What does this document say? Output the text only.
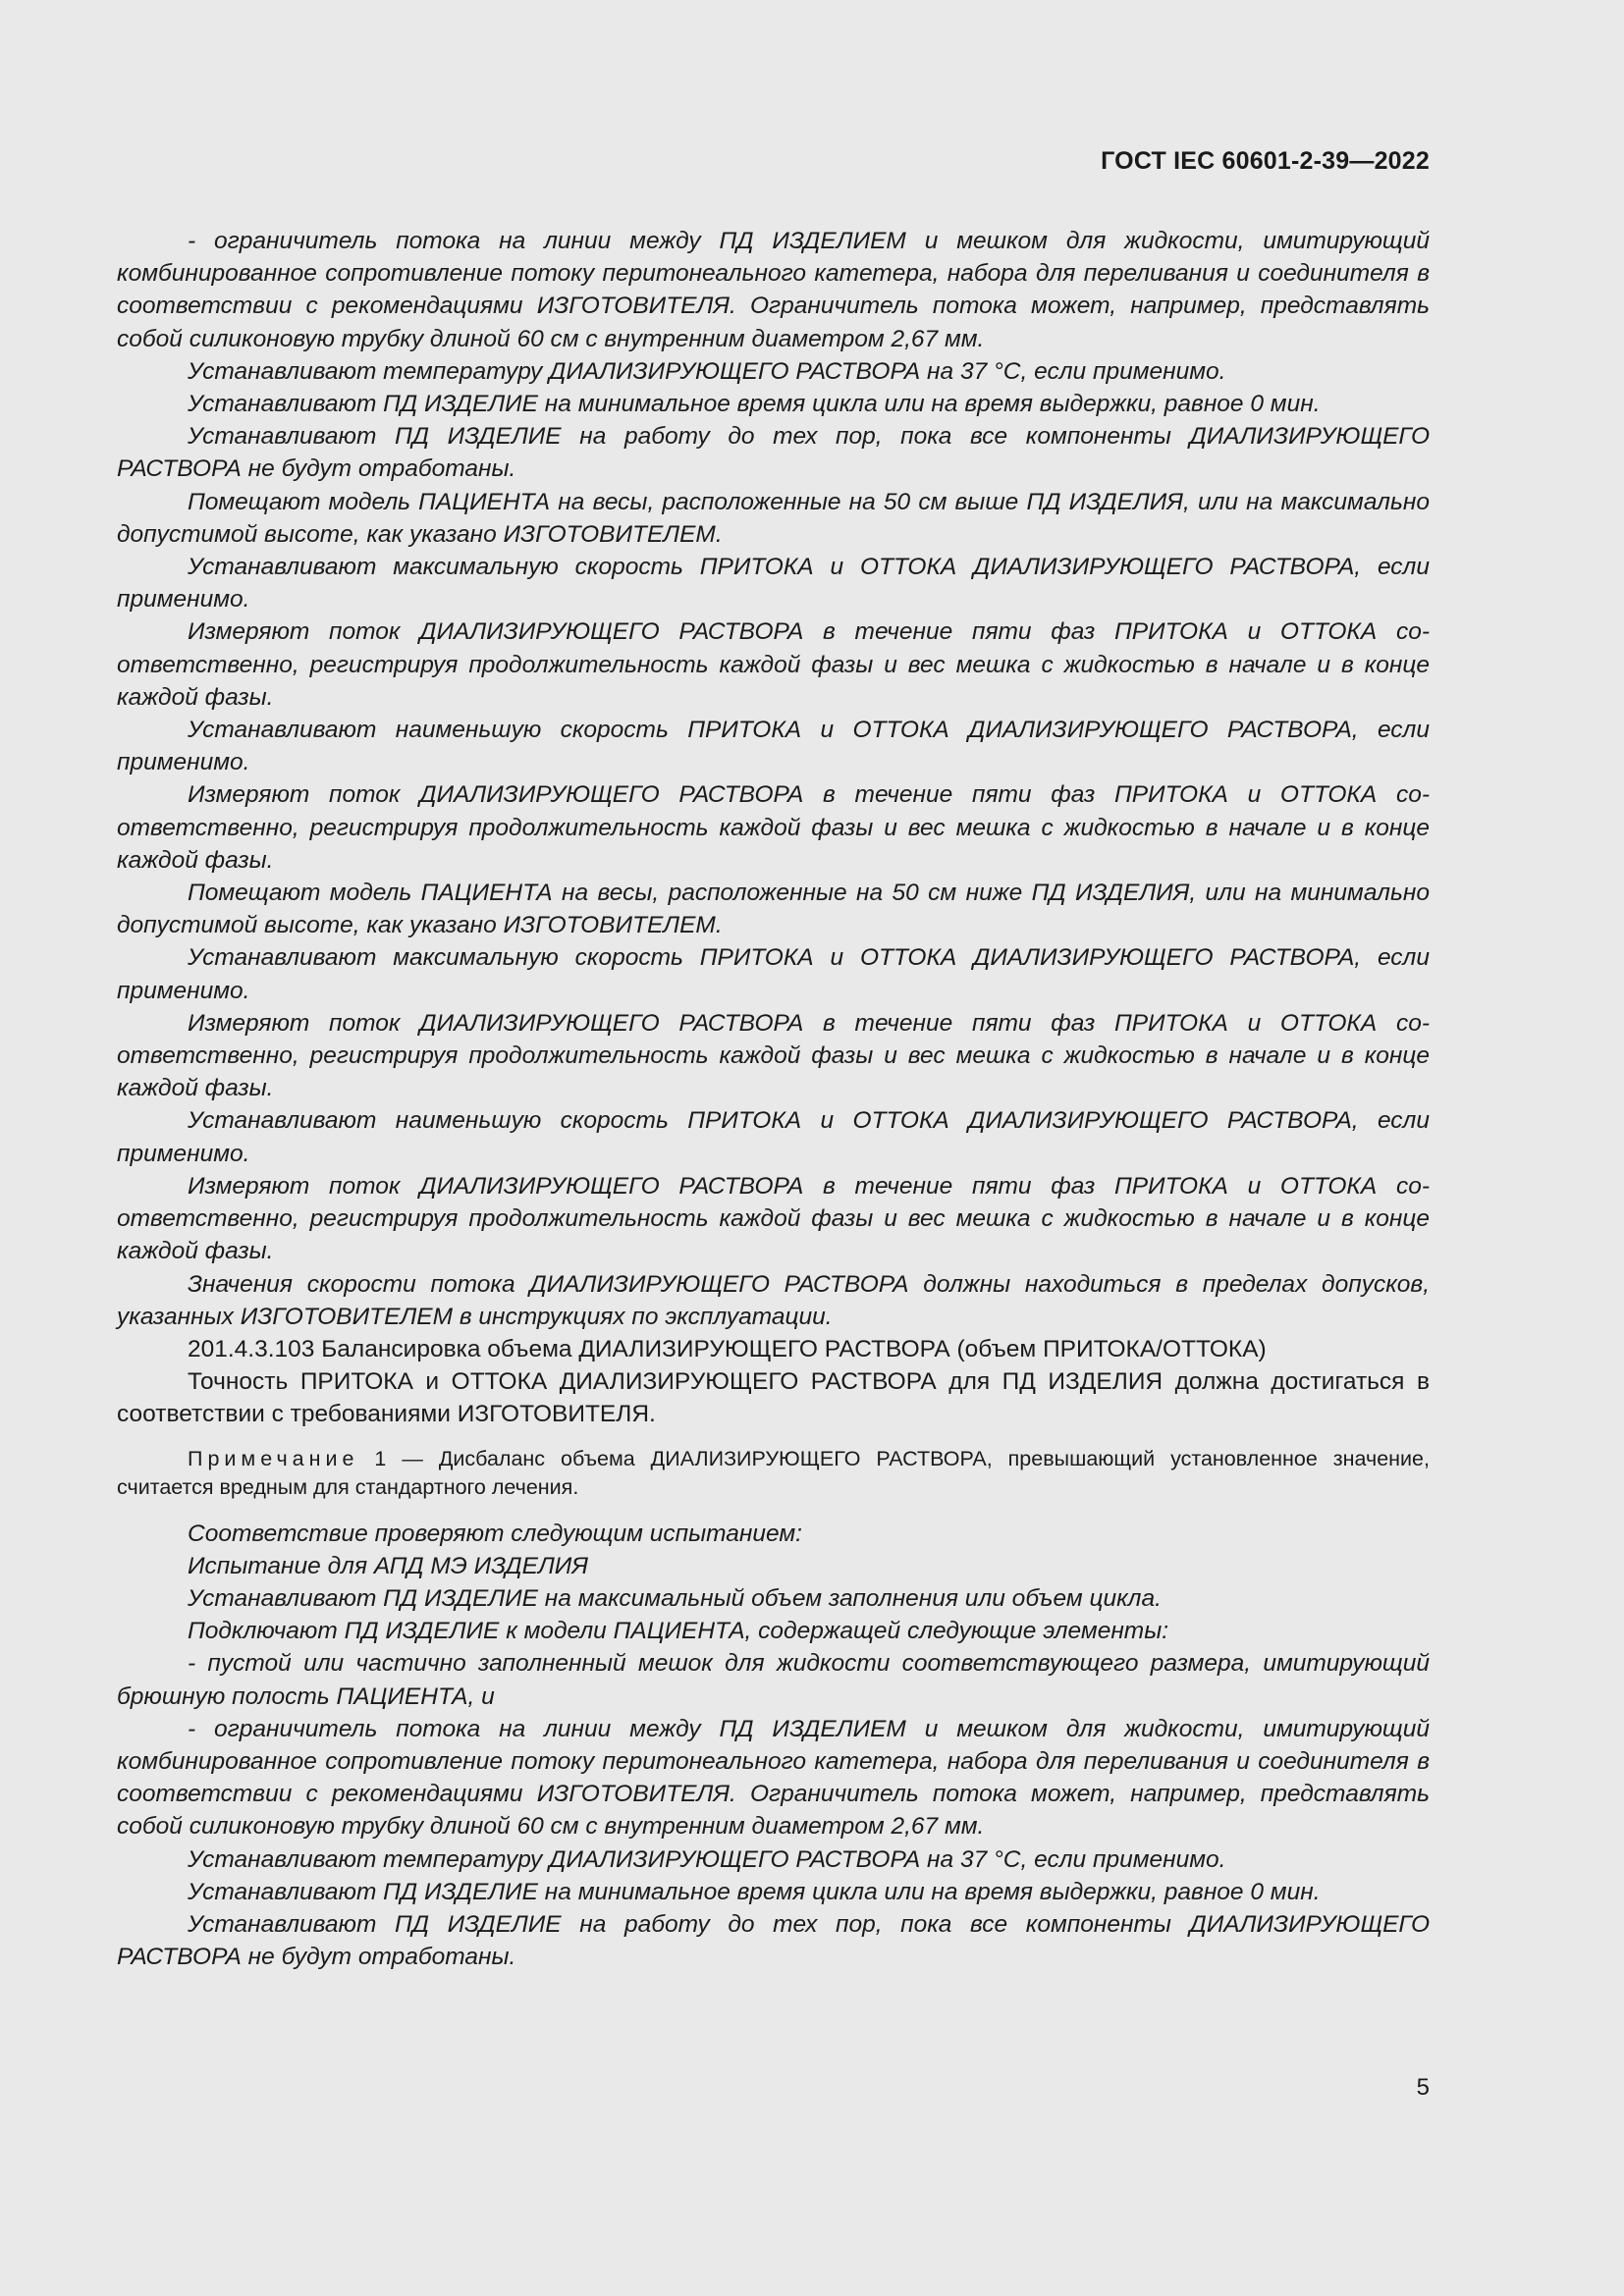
ГОСТ IEC 60601-2-39—2022

- ограничитель потока на линии между ПД ИЗДЕЛИЕМ и мешком для жидкости, имитирующий комбинированное сопротивление потоку перитонеального катетера, набора для переливания и соединителя в соответствии с рекомендациями ИЗГОТОВИТЕЛЯ. Ограничитель потока может, например, представлять собой силиконовую трубку длиной 60 см с внутренним диаметром 2,67 мм.

Устанавливают температуру ДИАЛИЗИРУЮЩЕГО РАСТВОРА на 37 °С, если применимо.

Устанавливают ПД ИЗДЕЛИЕ на минимальное время цикла или на время выдержки, равное 0 мин.

Устанавливают ПД ИЗДЕЛИЕ на работу до тех пор, пока все компоненты ДИАЛИЗИРУЮЩЕГО РАСТВОРА не будут отработаны.

Помещают модель ПАЦИЕНТА на весы, расположенные на 50 см выше ПД ИЗДЕЛИЯ, или на максимально допустимой высоте, как указано ИЗГОТОВИТЕЛЕМ.

Устанавливают максимальную скорость ПРИТОКА и ОТТОКА ДИАЛИЗИРУЮЩЕГО РАСТВОРА, если применимо.

Измеряют поток ДИАЛИЗИРУЮЩЕГО РАСТВОРА в течение пяти фаз ПРИТОКА и ОТТОКА соответственно, регистрируя продолжительность каждой фазы и вес мешка с жидкостью в начале и в конце каждой фазы.

Устанавливают наименьшую скорость ПРИТОКА и ОТТОКА ДИАЛИЗИРУЮЩЕГО РАСТВОРА, если применимо.

Измеряют поток ДИАЛИЗИРУЮЩЕГО РАСТВОРА в течение пяти фаз ПРИТОКА и ОТТОКА соответственно, регистрируя продолжительность каждой фазы и вес мешка с жидкостью в начале и в конце каждой фазы.

Помещают модель ПАЦИЕНТА на весы, расположенные на 50 см ниже ПД ИЗДЕЛИЯ, или на минимально допустимой высоте, как указано ИЗГОТОВИТЕЛЕМ.

Устанавливают максимальную скорость ПРИТОКА и ОТТОКА ДИАЛИЗИРУЮЩЕГО РАСТВОРА, если применимо.

Измеряют поток ДИАЛИЗИРУЮЩЕГО РАСТВОРА в течение пяти фаз ПРИТОКА и ОТТОКА соответственно, регистрируя продолжительность каждой фазы и вес мешка с жидкостью в начале и в конце каждой фазы.

Устанавливают наименьшую скорость ПРИТОКА и ОТТОКА ДИАЛИЗИРУЮЩЕГО РАСТВОРА, если применимо.

Измеряют поток ДИАЛИЗИРУЮЩЕГО РАСТВОРА в течение пяти фаз ПРИТОКА и ОТТОКА соответственно, регистрируя продолжительность каждой фазы и вес мешка с жидкостью в начале и в конце каждой фазы.

Значения скорости потока ДИАЛИЗИРУЮЩЕГО РАСТВОРА должны находиться в пределах допусков, указанных ИЗГОТОВИТЕЛЕМ в инструкциях по эксплуатации.

201.4.3.103 Балансировка объема ДИАЛИЗИРУЮЩЕГО РАСТВОРА (объем ПРИТОКА/ОТТОКА)

Точность ПРИТОКА и ОТТОКА ДИАЛИЗИРУЮЩЕГО РАСТВОРА для ПД ИЗДЕЛИЯ должна достигаться в соответствии с требованиями ИЗГОТОВИТЕЛЯ.

Примечание 1 — Дисбаланс объема ДИАЛИЗИРУЮЩЕГО РАСТВОРА, превышающий установленное значение, считается вредным для стандартного лечения.

Соответствие проверяют следующим испытанием:

Испытание для АПД МЭ ИЗДЕЛИЯ

Устанавливают ПД ИЗДЕЛИЕ на максимальный объем заполнения или объем цикла.

Подключают ПД ИЗДЕЛИЕ к модели ПАЦИЕНТА, содержащей следующие элементы:

- пустой или частично заполненный мешок для жидкости соответствующего размера, имитирующий брюшную полость ПАЦИЕНТА, и

- ограничитель потока на линии между ПД ИЗДЕЛИЕМ и мешком для жидкости, имитирующий комбинированное сопротивление потоку перитонеального катетера, набора для переливания и соединителя в соответствии с рекомендациями ИЗГОТОВИТЕЛЯ. Ограничитель потока может, например, представлять собой силиконовую трубку длиной 60 см с внутренним диаметром 2,67 мм.

Устанавливают температуру ДИАЛИЗИРУЮЩЕГО РАСТВОРА на 37 °С, если применимо.

Устанавливают ПД ИЗДЕЛИЕ на минимальное время цикла или на время выдержки, равное 0 мин.

Устанавливают ПД ИЗДЕЛИЕ на работу до тех пор, пока все компоненты ДИАЛИЗИРУЮЩЕГО РАСТВОРА не будут отработаны.

5
